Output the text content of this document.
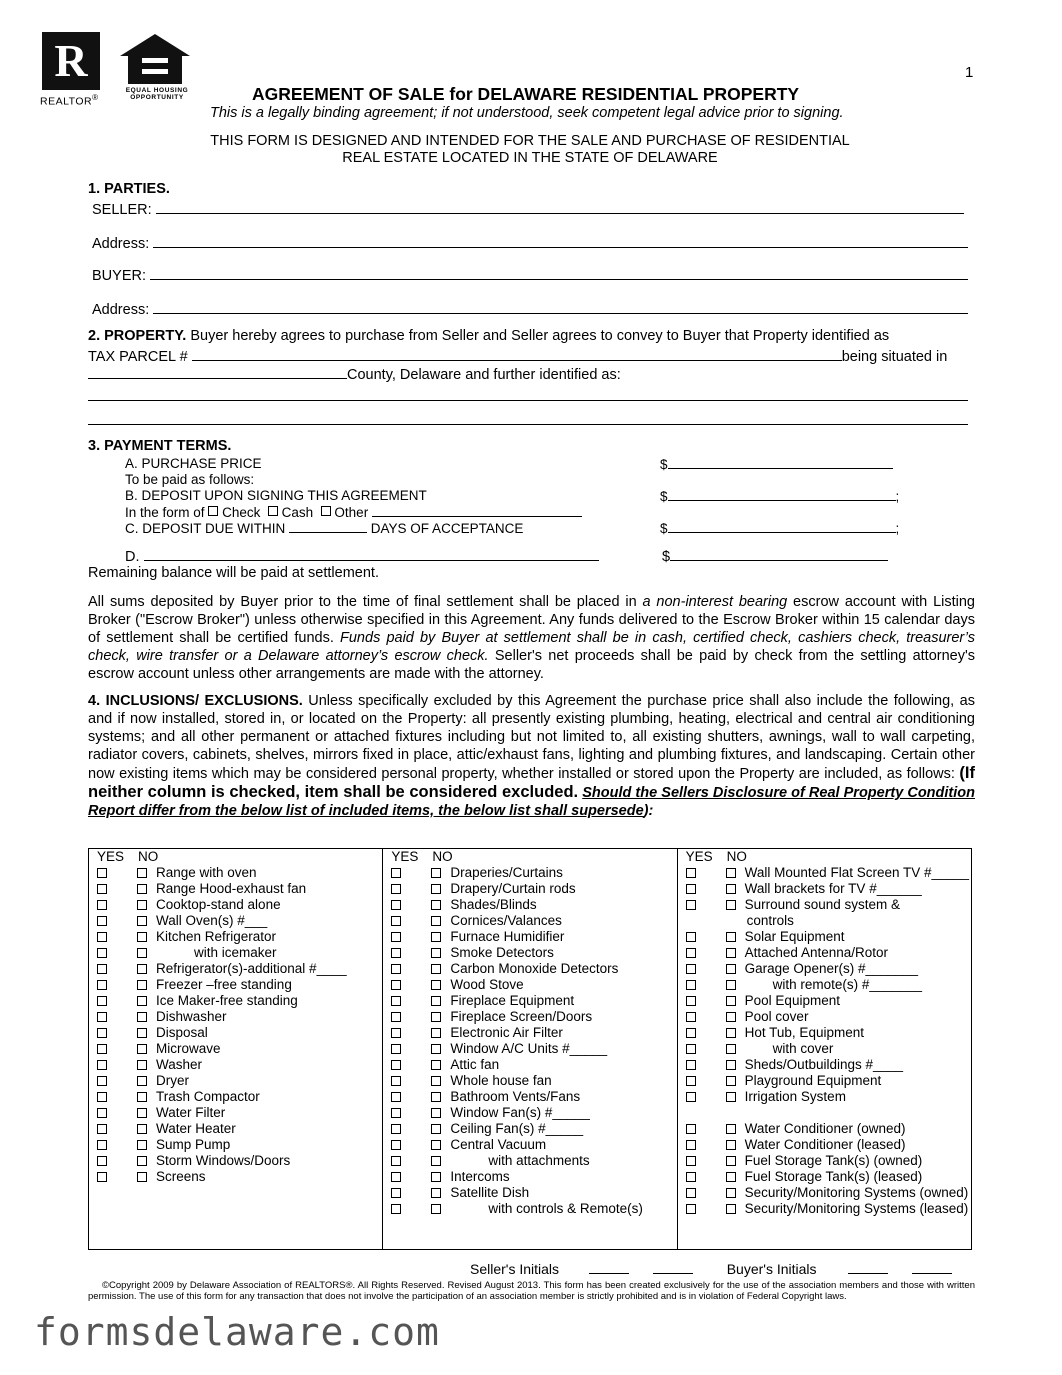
R
REALTOR®
EQUAL HOUSING OPPORTUNITY
1
AGREEMENT OF SALE for DELAWARE RESIDENTIAL PROPERTY
This is a legally binding agreement; if not understood, seek competent legal advice prior to signing.
THIS FORM IS DESIGNED AND INTENDED FOR THE SALE AND PURCHASE OF RESIDENTIAL
REAL ESTATE LOCATED IN THE STATE OF DELAWARE
1. PARTIES.
SELLER:
Address:
BUYER:
Address:
2. PROPERTY. Buyer hereby agrees to purchase from Seller and Seller agrees to convey to Buyer that Property identified as
TAX PARCEL #	being situated in
County, Delaware and further identified as:
3. PAYMENT TERMS.
A. PURCHASE PRICE	$
To be paid as follows:
B. DEPOSIT UPON SIGNING THIS AGREEMENT	$	;
In the form of Check Cash Other
C. DEPOSIT DUE WITHIN	DAYS OF ACCEPTANCE	$	;
D.	$
Remaining balance will be paid at settlement.
All sums deposited by Buyer prior to the time of final settlement shall be placed in a non-interest bearing escrow account with Listing Broker ("Escrow Broker") unless otherwise specified in this Agreement. Any funds delivered to the Escrow Broker within 15 calendar days of settlement shall be certified funds. Funds paid by Buyer at settlement shall be in cash, certified check, cashiers check, treasurer’s check, wire transfer or a Delaware attorney’s escrow check. Seller's net proceeds shall be paid by check from the settling attorney's escrow account unless other arrangements are made with the attorney.
4. INCLUSIONS/ EXCLUSIONS. Unless specifically excluded by this Agreement the purchase price shall also include the following, as and if now installed, stored in, or located on the Property: all presently existing plumbing, heating, electrical and central air conditioning systems; and all other permanent or attached fixtures including but not limited to, all existing shutters, awnings, wall to wall carpeting, radiator covers, cabinets, shelves, mirrors fixed in place, attic/exhaust fans, lighting and plumbing fixtures, and landscaping. Certain other now existing items which may be considered personal property, whether installed or stored upon the Property are included, as follows: (If neither column is checked, item shall be considered excluded. Should the Sellers Disclosure of Real Property Condition Report differ from the below list of included items, the below list shall supersede):
YES NO
Range with oven
Range Hood-exhaust fan
Cooktop-stand alone
Wall Oven(s) #___
Kitchen Refrigerator
with icemaker
Refrigerator(s)-additional #____
Freezer –free standing
Ice Maker-free standing
Dishwasher
Disposal
Microwave
Washer
Dryer
Trash Compactor
Water Filter
Water Heater
Sump Pump
Storm Windows/Doors
Screens

YES NO
Draperies/Curtains
Drapery/Curtain rods
Shades/Blinds
Cornices/Valances
Furnace Humidifier
Smoke Detectors
Carbon Monoxide Detectors
Wood Stove
Fireplace Equipment
Fireplace Screen/Doors
Electronic Air Filter
Window A/C Units #_____
Attic fan
Whole house fan
Bathroom Vents/Fans
Window Fan(s) #_____
Ceiling Fan(s) #_____
Central Vacuum
with attachments
Intercoms
Satellite Dish
with controls & Remote(s)

YES NO
Wall Mounted Flat Screen TV #_____
Wall brackets for TV #______
Surround sound system &
controls
Solar Equipment
Attached Antenna/Rotor
Garage Opener(s) #_______
with remote(s) #_______
Pool Equipment
Pool cover
Hot Tub, Equipment
with cover
Sheds/Outbuildings #____
Playground Equipment
Irrigation System
Water Conditioner (owned)
Water Conditioner (leased)
Fuel Storage Tank(s) (owned)
Fuel Storage Tank(s) (leased)
Security/Monitoring Systems (owned)
Security/Monitoring Systems (leased)
Seller's Initials	Buyer's Initials
©Copyright 2009 by Delaware Association of REALTORS®. All Rights Reserved. Revised August 2013. This form has been created exclusively for the use of the association members and those with written permission. The use of this form for any transaction that does not involve the participation of an association member is strictly prohibited and is in violation of Federal Copyright laws.
formsdelaware.com
